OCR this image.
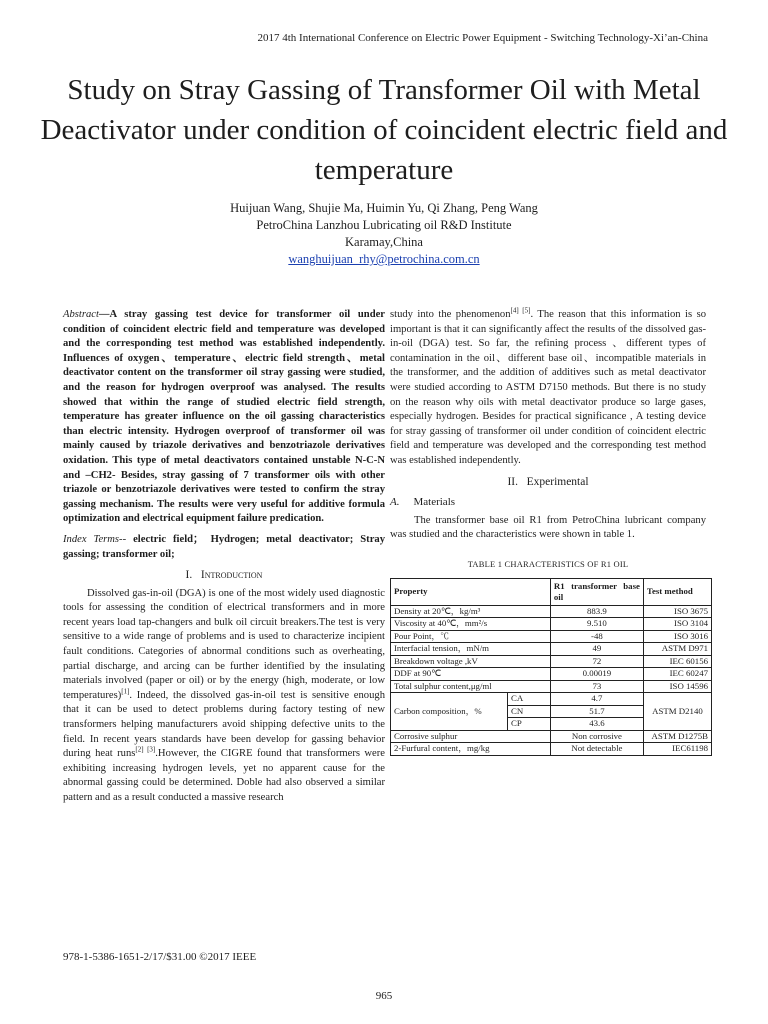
2017 4th International Conference on Electric Power Equipment - Switching Technology-Xi’an-China
Study on Stray Gassing of Transformer Oil with Metal Deactivator under condition of coincident electric field and temperature
Huijuan Wang, Shujie Ma, Huimin Yu, Qi Zhang, Peng Wang
PetroChina Lanzhou Lubricating oil R&D Institute
Karamay,China
wanghuijuan_rhy@petrochina.com.cn

Abstract—A stray gassing test device for transformer oil under condition of coincident electric field and temperature was developed and the corresponding test method was established independently. Influences of oxygen、temperature、electric field strength、metal deactivator content on the transformer oil stray gassing were studied, and the reason for hydrogen overproof was analysed. The results showed that within the range of studied electric field strength, temperature has greater influence on the oil gassing characteristics than electric intensity. Hydrogen overproof of transformer oil was mainly caused by triazole derivatives and benzotriazole derivatives oxidation. This type of metal deactivators contained unstable N-C-N and –CH2- Besides, stray gassing of 7 transformer oils with other triazole or benzotriazole derivatives were tested to confirm the stray gassing mechanism. The results were very useful for additive formula optimization and electrical equipment failure predication.

Index Terms-- electric field； Hydrogen; metal deactivator; Stray gassing; transformer oil;

I. Introduction

Dissolved gas-in-oil (DGA) is one of the most widely used diagnostic tools for assessing the condition of electrical transformers and in more recent years load tap-changers and bulk oil circuit breakers.The test is very sensitive to a wide range of problems and is used to characterize incipient fault conditions. Categories of abnormal conditions such as overheating, partial discharge, and arcing can be further identified by the insulating materials involved (paper or oil) or by the energy (high, moderate, or low temperatures)[1]. Indeed, the dissolved gas-in-oil test is sensitive enough that it can be used to detect problems during factory testing of new transformers helping manufacturers avoid shipping defective units to the field. In recent years standards have been develop for gassing behavior during heat runs[2] [3].However, the CIGRE found that transformers were exhibiting increasing hydrogen levels, yet no apparent cause for the abnormal gassing could be determined. Doble had also observed a similar pattern and as a result conducted a massive research

study into the phenomenon[4] [5]. The reason that this information is so important is that it can significantly affect the results of the dissolved gas-in-oil (DGA) test. So far, the refining process 、different types of contamination in the oil、different base oil、incompatible materials in the transformer, and the addition of additives such as metal deactivator were studied according to ASTM D7150 methods. But there is no study on the reason why oils with metal deactivator produce so large gases, especially hydrogen. Besides for practical significance , A testing device for stray gassing of transformer oil under condition of coincident electric field and temperature was developed and the corresponding test method was established independently.

II. Experimental
A. Materials

The transformer base oil R1 from PetroChina lubricant company was studied and the characteristics were shown in table 1.

TABLE 1 CHARACTERISTICS OF R1 OIL
Property		R1 transformer base oil	Test method
Density at 20℃，kg/m³		883.9	ISO 3675
Viscosity at 40℃，mm²/s		9.510	ISO 3104
Pour Point，℃		-48	ISO 3016
Interfacial tension，mN/m		49	ASTM D971
Breakdown voltage ,kV		72	IEC 60156
DDF at 90℃		0.00019	IEC 60247
Total sulphur content,μg/ml		73	ISO 14596
Carbon composition，%	CA	4.7	ASTM D2140
	CN	51.7	
	CP	43.6	
Corrosive sulphur		Non corrosive	ASTM D1275B
2-Furfural content，mg/kg		Not detectable	IEC61198
978-1-5386-1651-2/17/$31.00 ©2017 IEEE
965
